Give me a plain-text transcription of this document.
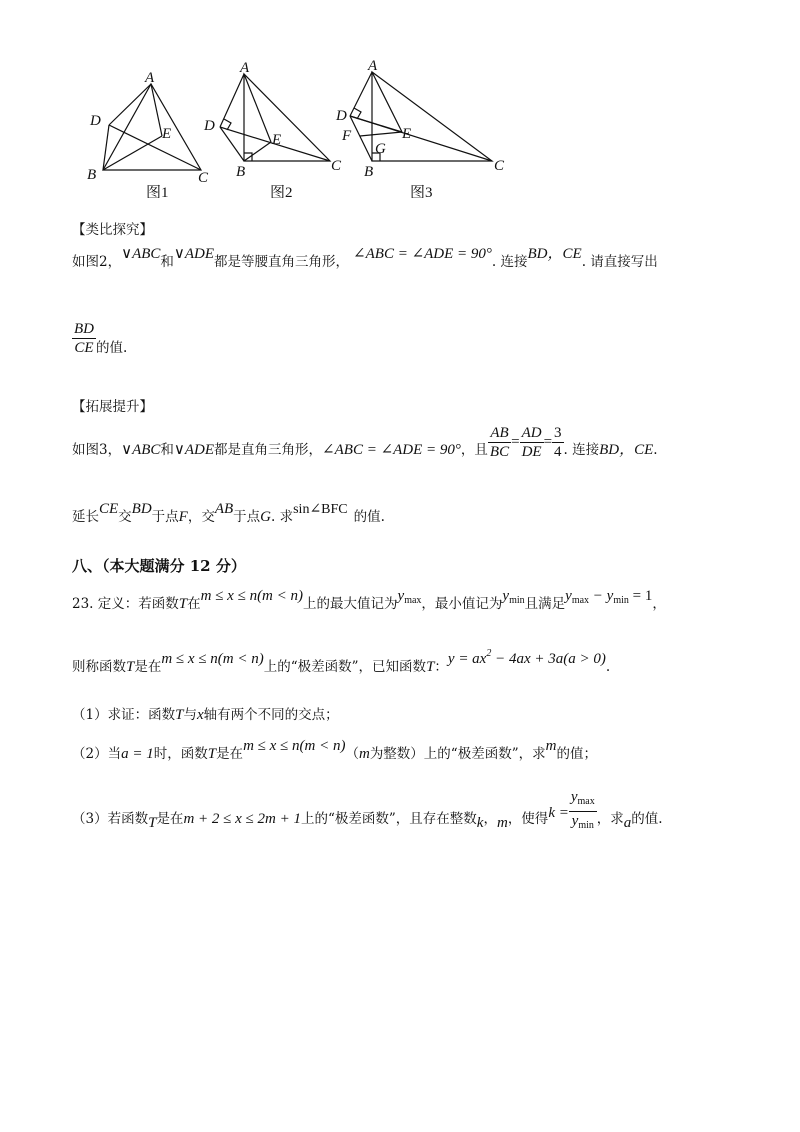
A
D
E
B	C
图1
A
D
E
B	C
图2
A
D
F	E
G
B	C
图3
【类比探究】
如图2，∨ABC和∨ADE都是等腰直角三角形， ∠ABC = ∠ADE = 90°. 连接BD，CE. 请直接写出
$\frac{BD}{CE}$ 的值.
【拓展提升】
如图3，∨ABC和∨ADE都是直角三角形，∠ABC = ∠ADE = 90°，且 $\frac{AB}{BC} = \frac{AD}{DE} = \frac{3}{4}$ . 连接BD，CE.
延长CE交BD于点F，交AB于点G. 求sin∠BFC 的值.
八、（本大题满分 12 分）
23. 定义：若函数T在m ≤ x ≤ n(m < n)上的最大值记为$y_{max}$，最小值记为$y_{min}$且满足$y_{max} - y_{min} = 1$，
则称函数T是在m ≤ x ≤ n(m < n)上的“极差函数”，已知函数T：$y = ax^2 - 4ax + 3a(a > 0)$.
（1）求证：函数T与x轴有两个不同的交点；
（2）当a = 1时，函数T是在m ≤ x ≤ n(m < n)（m为整数）上的“极差函数”，求m的值；
（3）若函数T是在m + 2 ≤ x ≤ 2m + 1上的“极差函数”，且存在整数k，m，使得$k = \frac{y_{max}}{y_{min}}$ ，求a的值.
